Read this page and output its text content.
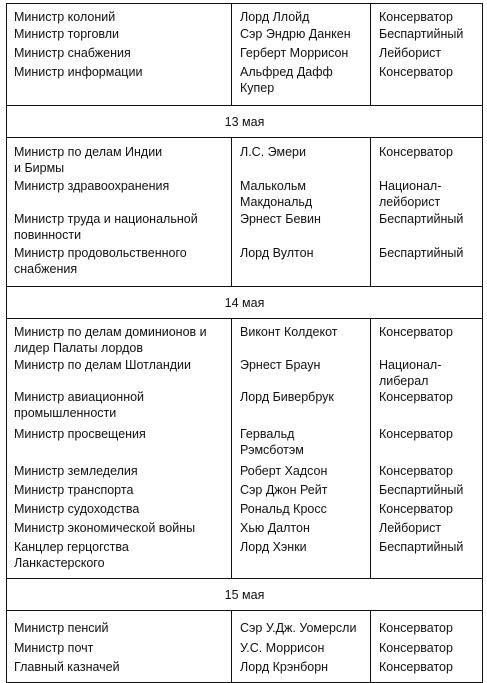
Министр колоний	Лорд Ллойд	Консерватор
Министр торговли	Сэр Эндрю Данкен	Беспартийный
Министр снабжения	Герберт Моррисон	Лейборист
Министр информации	Альфред Дафф Купер	Консерватор
13 мая		
Министр по делам Индии и Бирмы	Л.С. Эмери	Консерватор
Министр здравоохранения	Малькольм Макдональд	Национал-лейборист
Министр труда и национальной повинности	Эрнест Бевин	Беспартийный
Министр продовольственного снабжения	Лорд Вултон	Беспартийный
14 мая		
Министр по делам доминионов и лидер Палаты лордов	Виконт Колдекот	Консерватор
Министр по делам Шотландии	Эрнест Браун	Национал-либерал
Министр авиационной промышленности	Лорд Бивербрук	Консерватор
Министр просвещения	Гервальд Рэмсботэм	Консерватор
Министр земледелия	Роберт Хадсон	Консерватор
Министр транспорта	Сэр Джон Рейт	Беспартийный
Министр судоходства	Рональд Кросс	Консерватор
Министр экономической войны	Хью Далтон	Лейборист
Канцлер герцогства Ланкастерского	Лорд Хэнки	Беспартийный
15 мая		
Министр пенсий	Сэр У.Дж. Уомерсли	Консерватор
Министр почт	У.С. Моррисон	Консерватор
Главный казначей	Лорд Крэнборн	Консерватор
